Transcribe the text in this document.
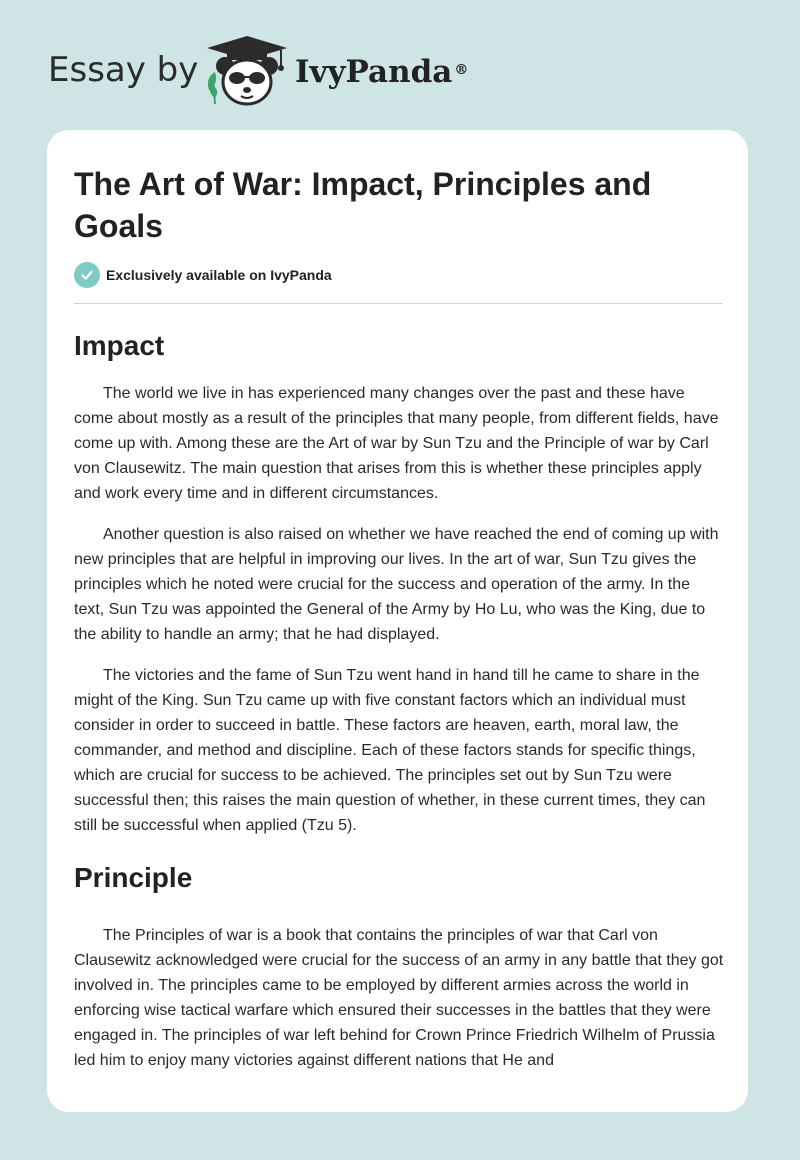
Essay by	IvyPanda ®
The Art of War: Impact, Principles and Goals
Exclusively available on IvyPanda
Impact

The world we live in has experienced many changes over the past and these have come about mostly as a result of the principles that many people, from different fields, have come up with. Among these are the Art of war by Sun Tzu and the Principle of war by Carl von Clausewitz. The main question that arises from this is whether these principles apply and work every time and in different circumstances.

Another question is also raised on whether we have reached the end of coming up with new principles that are helpful in improving our lives. In the art of war, Sun Tzu gives the principles which he noted were crucial for the success and operation of the army. In the text, Sun Tzu was appointed the General of the Army by Ho Lu, who was the King, due to the ability to handle an army; that he had displayed.

The victories and the fame of Sun Tzu went hand in hand till he came to share in the might of the King. Sun Tzu came up with five constant factors which an individual must consider in order to succeed in battle. These factors are heaven, earth, moral law, the commander, and method and discipline. Each of these factors stands for specific things, which are crucial for success to be achieved. The principles set out by Sun Tzu were successful then; this raises the main question of whether, in these current times, they can still be successful when applied (Tzu 5).

Principle

The Principles of war is a book that contains the principles of war that Carl von Clausewitz acknowledged were crucial for the success of an army in any battle that they got involved in. The principles came to be employed by different armies across the world in enforcing wise tactical warfare which ensured their successes in the battles that they were engaged in. The principles of war left behind for Crown Prince Friedrich Wilhelm of Prussia led him to enjoy many victories against different nations that He and
